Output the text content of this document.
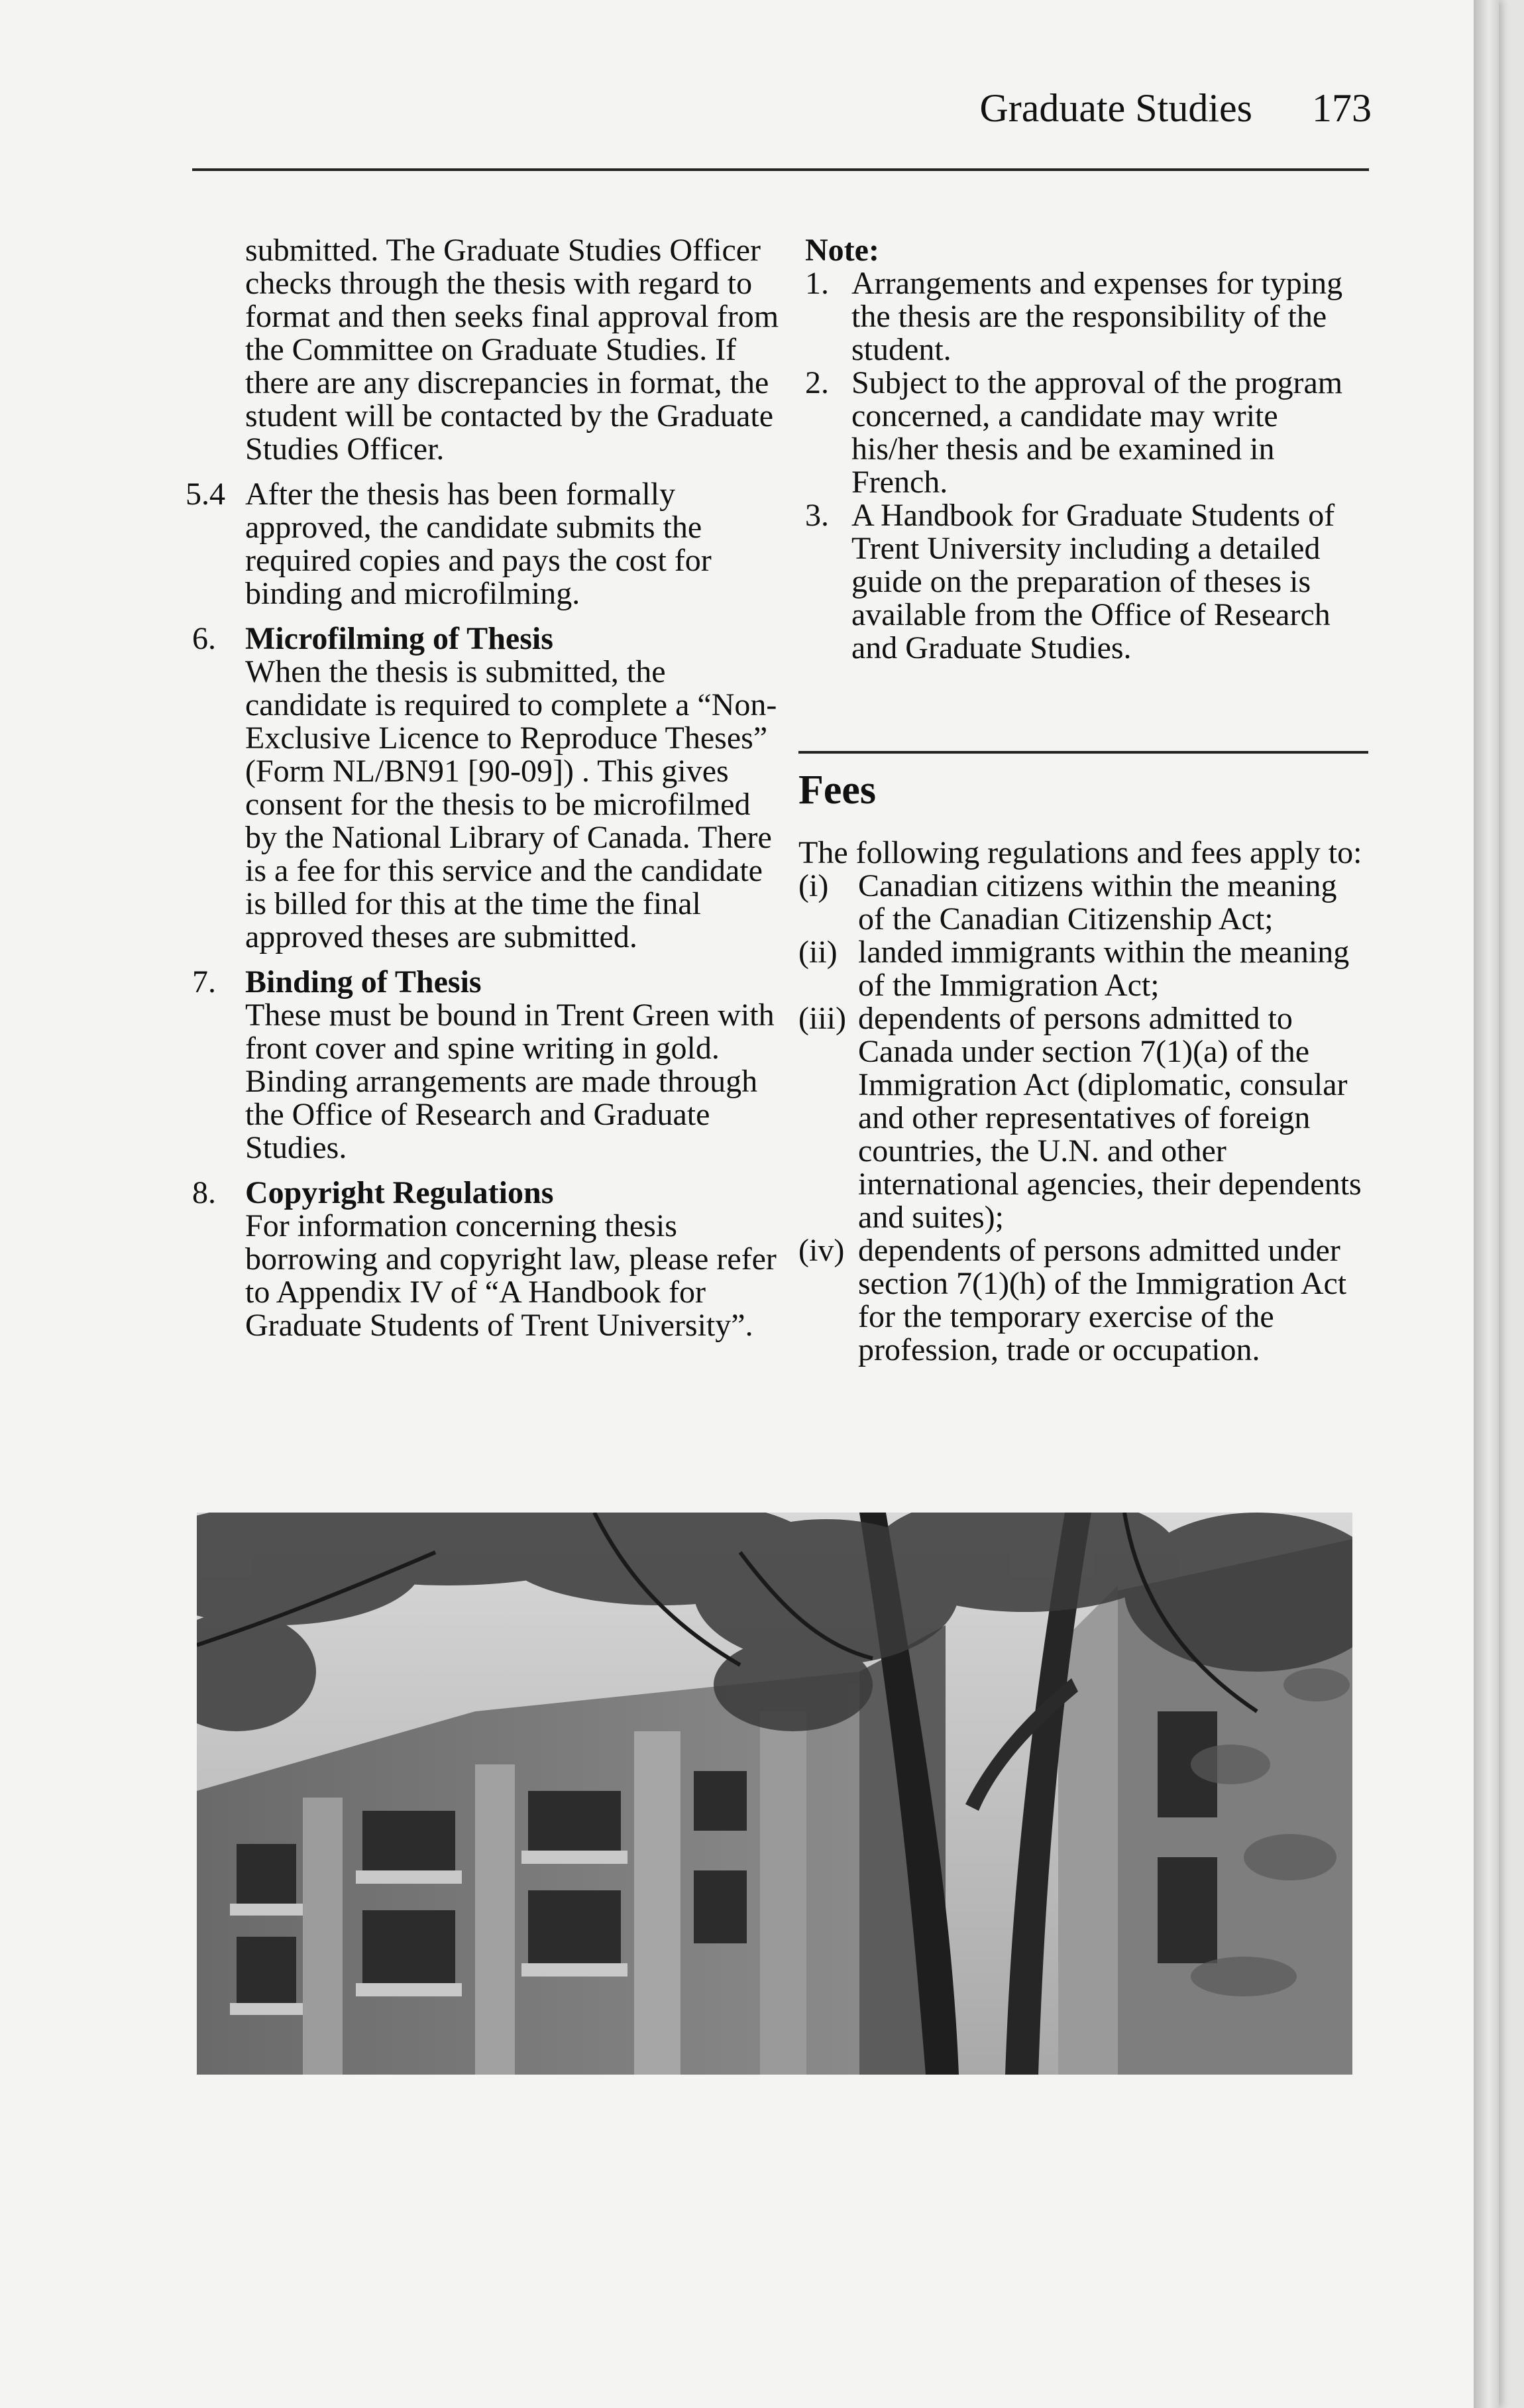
Graduate Studies 173

submitted. The Graduate Studies Officer checks through the thesis with regard to format and then seeks final approval from the Committee on Graduate Studies. If there are any discrepancies in format, the student will be contacted by the Graduate Studies Officer.

5.4 After the thesis has been formally approved, the candidate submits the required copies and pays the cost for binding and microfilming.
6. Microfilming of Thesis
When the thesis is submitted, the candidate is required to complete a “Non-Exclusive Licence to Reproduce Theses” (Form NL/BN91 [90-09]) . This gives consent for the thesis to be microfilmed by the National Library of Canada. There is a fee for this service and the candidate is billed for this at the time the final approved theses are submitted.
7. Binding of Thesis
These must be bound in Trent Green with front cover and spine writing in gold. Binding arrangements are made through the Office of Research and Graduate Studies.
8. Copyright Regulations
For information concerning thesis borrowing and copyright law, please refer to Appendix IV of “A Handbook for Graduate Students of Trent University”.
Note:
1. Arrangements and expenses for typing the thesis are the responsibility of the student.
2. Subject to the approval of the program concerned, a candidate may write his/her thesis and be examined in French.
3. A Handbook for Graduate Students of Trent University including a detailed guide on the preparation of theses is available from the Office of Research and Graduate Studies.
Fees

The following regulations and fees apply to:

(i) Canadian citizens within the meaning of the Canadian Citizenship Act;
(ii) landed immigrants within the meaning of the Immigration Act;
(iii) dependents of persons admitted to Canada under section 7(1)(a) of the Immigration Act (diplomatic, consular and other representatives of foreign countries, the U.N. and other international agencies, their dependents and suites);
(iv) dependents of persons admitted under section 7(1)(h) of the Immigration Act for the temporary exercise of the profession, trade or occupation.
